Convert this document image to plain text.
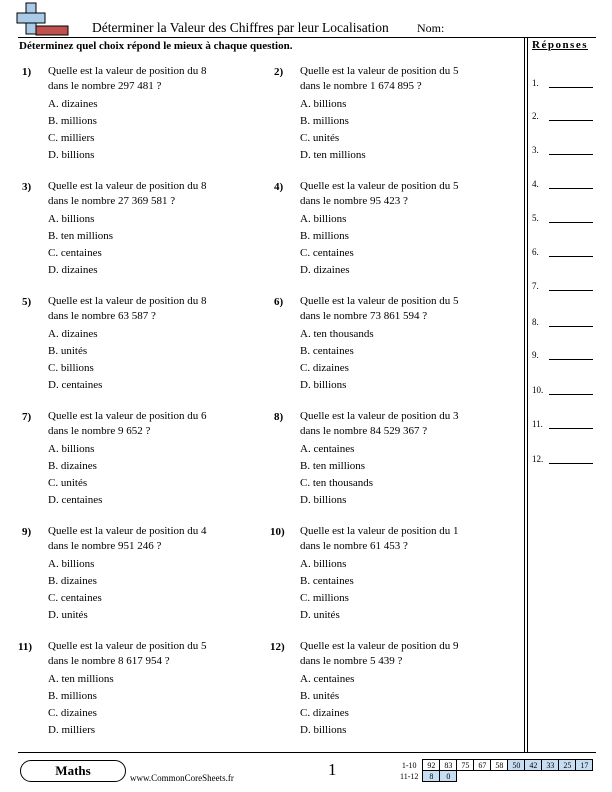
Déterminer la Valeur des Chiffres par leur Localisation Nom:
Déterminez quel choix répond le mieux à chaque question.	Réponses
1.
2.
3.
4.
5.
6.
7.
8.
9.
10.
11.
12.
1) Quelle est la valeur de position du 8
dans le nombre 297 481 ?
A. dizaines
B. millions
C. milliers
D. billions
2) Quelle est la valeur de position du 5
dans le nombre 1 674 895 ?
A. billions
B. millions
C. unités
D. ten millions
3) Quelle est la valeur de position du 8
dans le nombre 27 369 581 ?
A. billions
B. ten millions
C. centaines
D. dizaines
4) Quelle est la valeur de position du 5
dans le nombre 95 423 ?
A. billions
B. millions
C. centaines
D. dizaines
5) Quelle est la valeur de position du 8
dans le nombre 63 587 ?
A. dizaines
B. unités
C. billions
D. centaines
6) Quelle est la valeur de position du 5
dans le nombre 73 861 594 ?
A. ten thousands
B. centaines
C. dizaines
D. billions
7) Quelle est la valeur de position du 6
dans le nombre 9 652 ?
A. billions
B. dizaines
C. unités
D. centaines
8) Quelle est la valeur de position du 3
dans le nombre 84 529 367 ?
A. centaines
B. ten millions
C. ten thousands
D. billions
9) Quelle est la valeur de position du 4
dans le nombre 951 246 ?
A. billions
B. dizaines
C. centaines
D. unités
10) Quelle est la valeur de position du 1
dans le nombre 61 453 ?
A. billions
B. centaines
C. millions
D. unités
11) Quelle est la valeur de position du 5
dans le nombre 8 617 954 ?
A. ten millions
B. millions
C. dizaines
D. milliers
12) Quelle est la valeur de position du 9
dans le nombre 5 439 ?
A. centaines
B. unités
C. dizaines
D. billions
Maths	www.CommonCoreSheets.fr	1	1-10	92	83	75	67	58	50	42	33	25	17
11-12	8	0								
